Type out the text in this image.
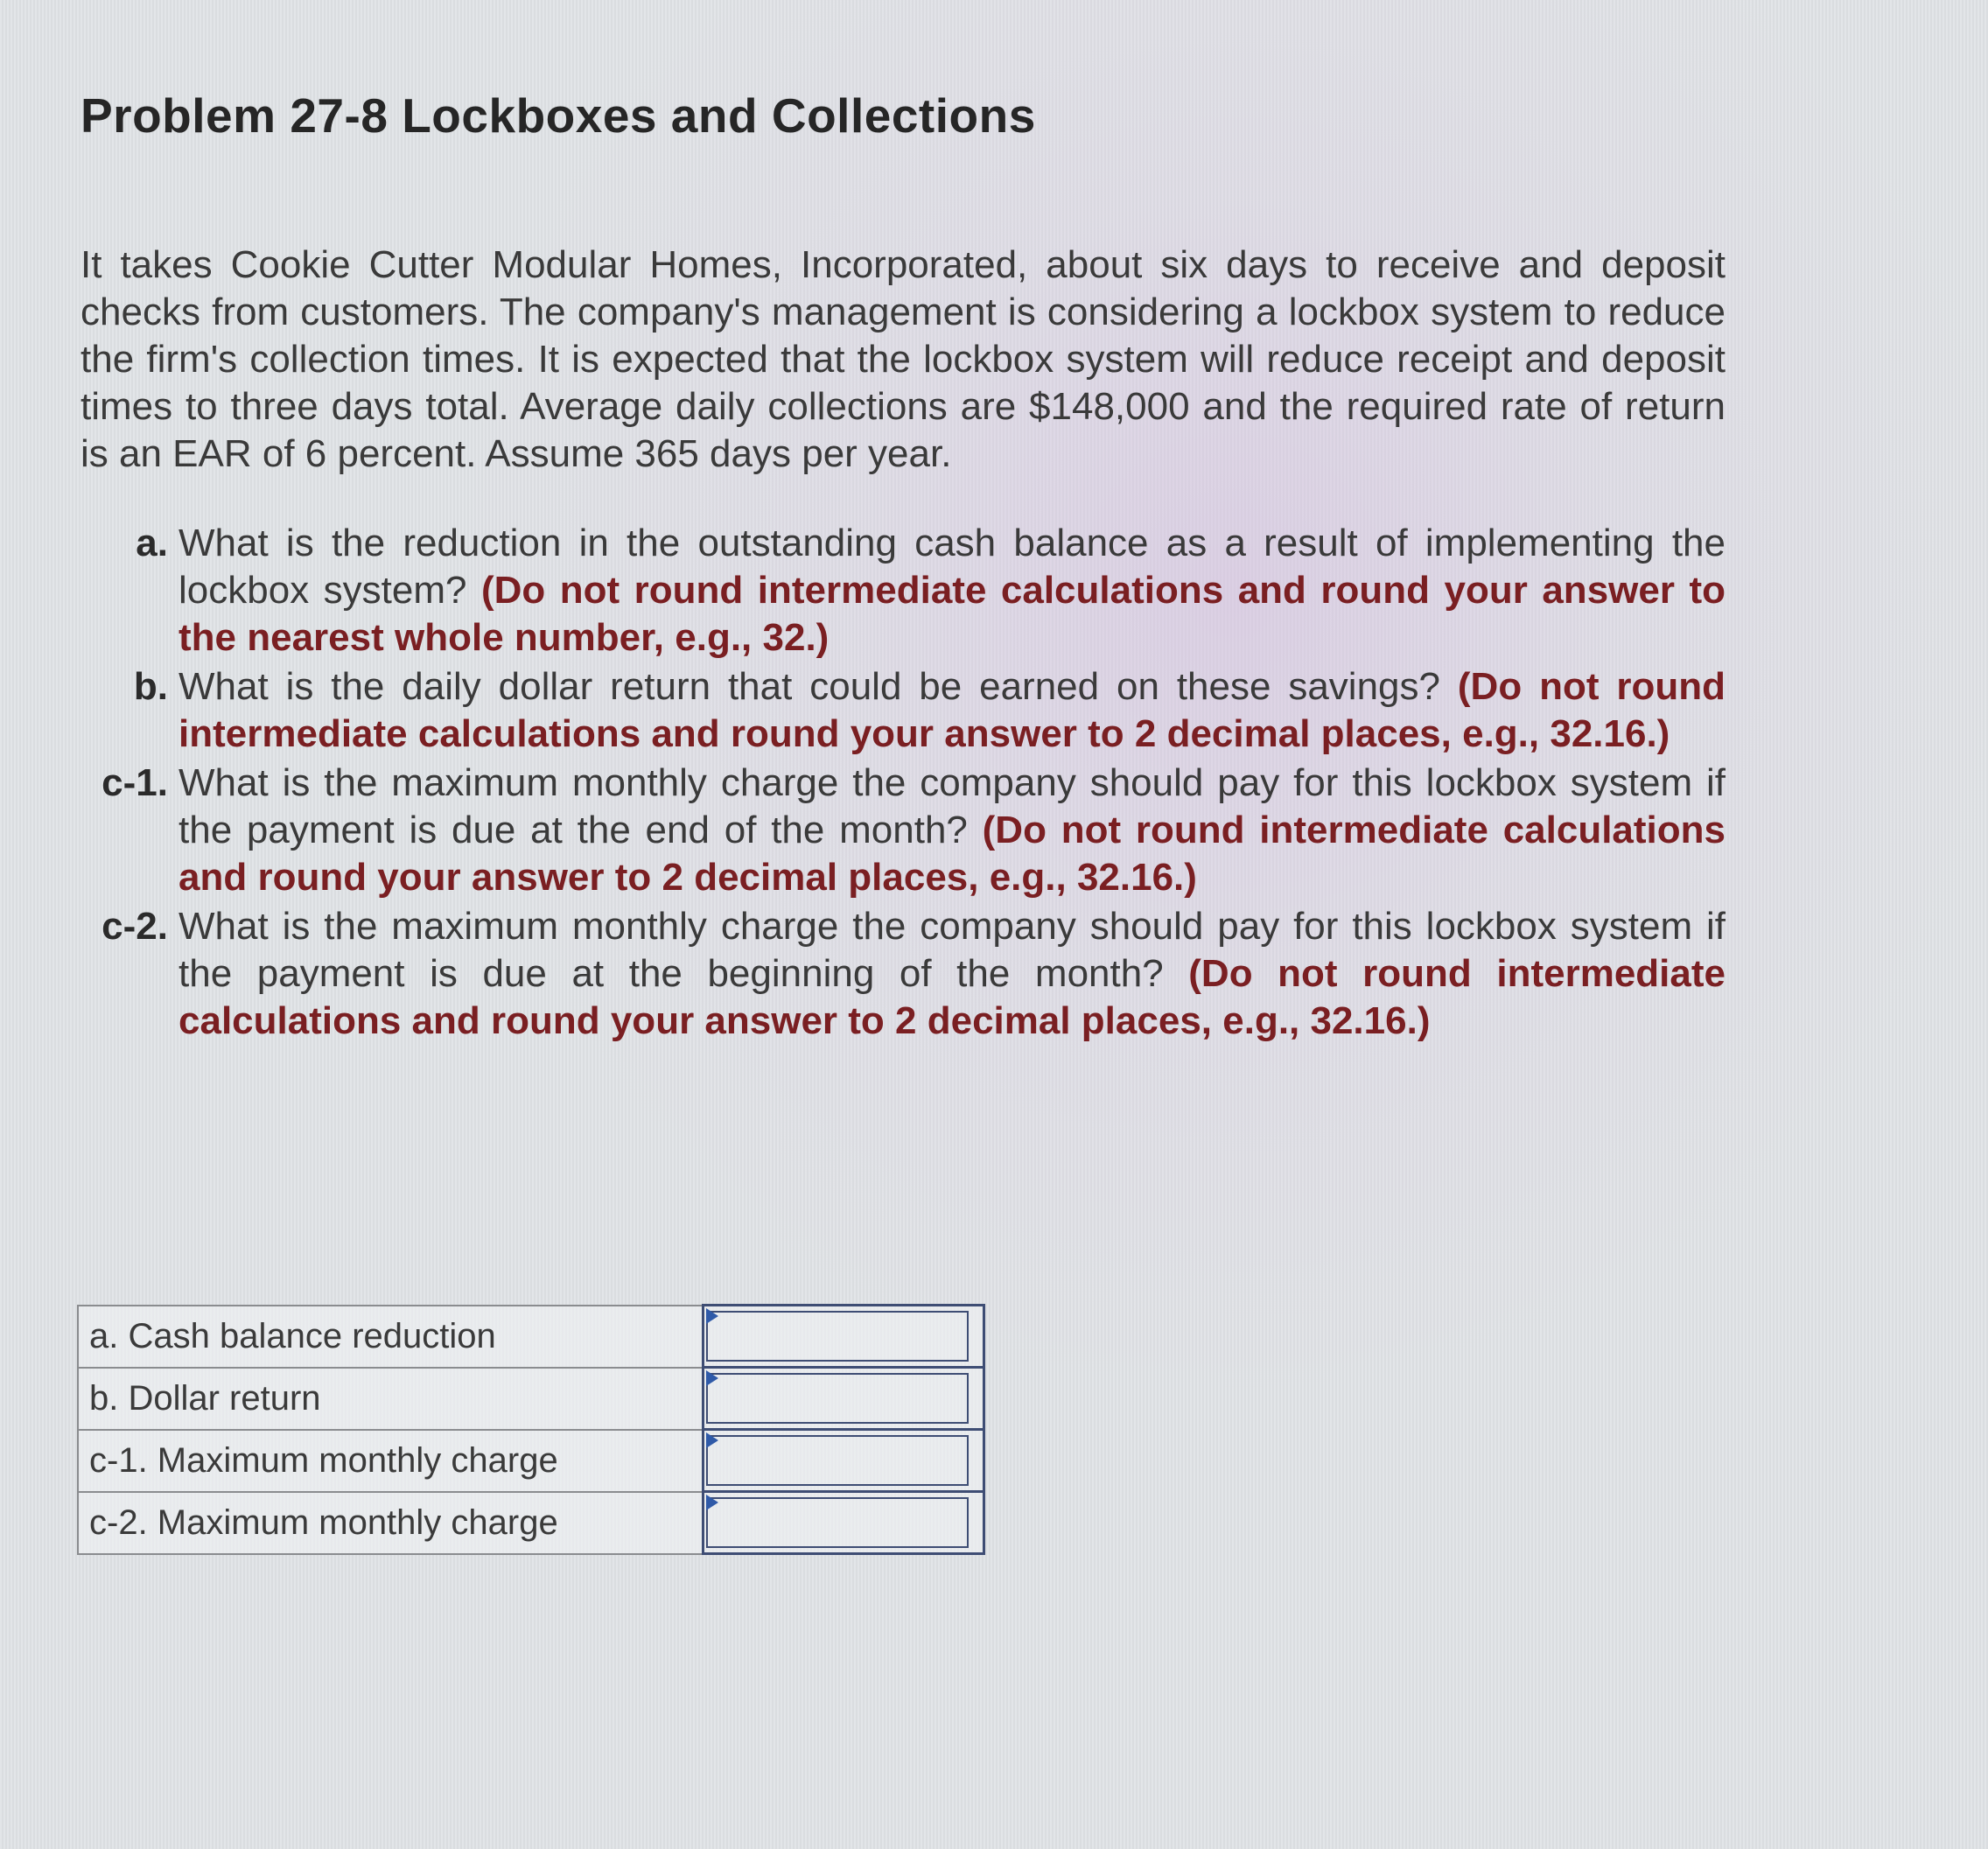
Problem 27-8 Lockboxes and Collections

It takes Cookie Cutter Modular Homes, Incorporated, about six days to receive and deposit checks from customers. The company's management is considering a lockbox system to reduce the firm's collection times. It is expected that the lockbox system will reduce receipt and deposit times to three days total. Average daily collections are $148,000 and the required rate of return is an EAR of 6 percent. Assume 365 days per year.

a. What is the reduction in the outstanding cash balance as a result of implementing the lockbox system? (Do not round intermediate calculations and round your answer to the nearest whole number, e.g., 32.)
b. What is the daily dollar return that could be earned on these savings? (Do not round intermediate calculations and round your answer to 2 decimal places, e.g., 32.16.)
c-1. What is the maximum monthly charge the company should pay for this lockbox system if the payment is due at the end of the month? (Do not round intermediate calculations and round your answer to 2 decimal places, e.g., 32.16.)
c-2. What is the maximum monthly charge the company should pay for this lockbox system if the payment is due at the beginning of the month? (Do not round intermediate calculations and round your answer to 2 decimal places, e.g., 32.16.)
a. Cash balance reduction	

b. Dollar return	

c-1. Maximum monthly charge	

c-2. Maximum monthly charge	
